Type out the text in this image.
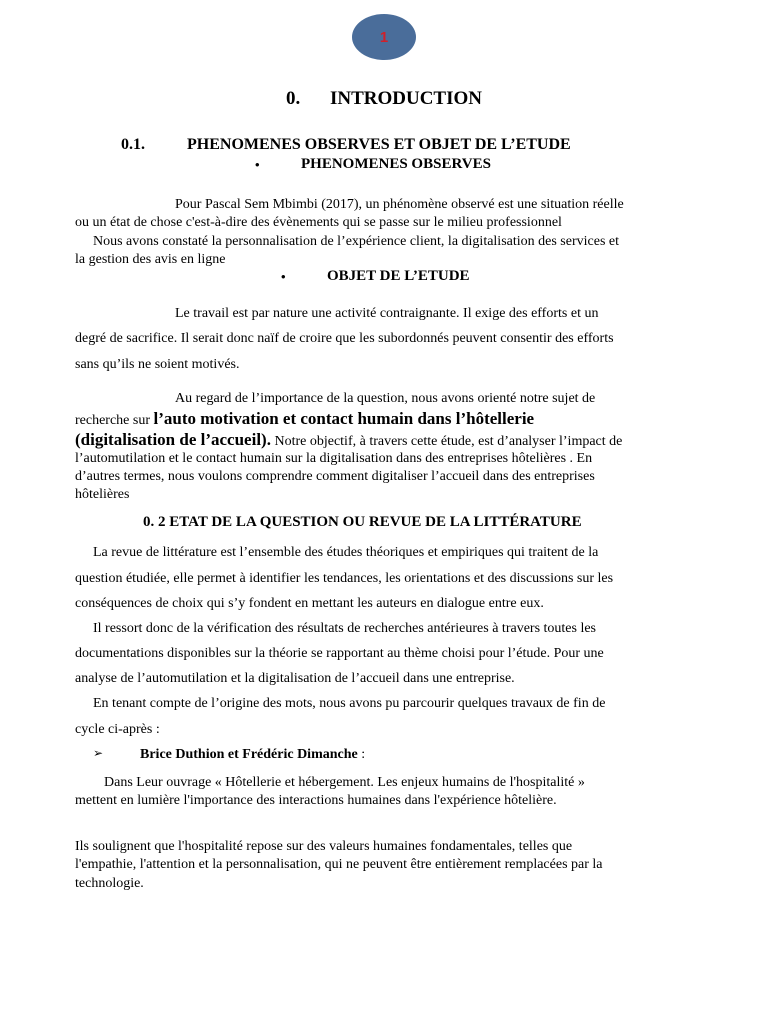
1
0. INTRODUCTION
0.1.	PHENOMENES OBSERVES ET OBJET DE L’ETUDE
•	PHENOMENES OBSERVES
Pour Pascal Sem Mbimbi (2017), un phénomène observé est une situation réelle
ou un état de chose c'est-à-dire des évènements qui se passe sur le milieu professionnel
Nous avons constaté la personnalisation de l’expérience client, la digitalisation des services et
la gestion des avis en ligne
•	OBJET DE L’ETUDE
Le travail est par nature une activité contraignante. Il exige des efforts et un
degré de sacrifice. Il serait donc naïf de croire que les subordonnés peuvent consentir des efforts
sans qu’ils ne soient motivés.
Au regard de l’importance de la question, nous avons orienté notre sujet de
recherche sur l’auto motivation et contact humain dans l’hôtellerie
(digitalisation de l’accueil). Notre objectif, à travers cette étude, est d’analyser l’impact de
l’automutilation et le contact humain sur la digitalisation dans des entreprises hôtelières . En
d’autres termes, nous voulons comprendre comment digitaliser l’accueil dans des entreprises
hôtelières
0. 2 ETAT DE LA QUESTION OU REVUE DE LA LITTÉRATURE
La revue de littérature est l’ensemble des études théoriques et empiriques qui traitent de la
question étudiée, elle permet à identifier les tendances, les orientations et des discussions sur les
conséquences de choix qui s’y fondent en mettant les auteurs en dialogue entre eux.
Il ressort donc de la vérification des résultats de recherches antérieures à travers toutes les
documentations disponibles sur la théorie se rapportant au thème choisi pour l’étude. Pour une
analyse de l’automutilation et la digitalisation de l’accueil dans une entreprise.
En tenant compte de l’origine des mots, nous avons pu parcourir quelques travaux de fin de
cycle ci-après :
➢	Brice Duthion et Frédéric Dimanche :
Dans Leur ouvrage « Hôtellerie et hébergement. Les enjeux humains de l'hospitalité »
mettent en lumière l'importance des interactions humaines dans l'expérience hôtelière.
Ils soulignent que l'hospitalité repose sur des valeurs humaines fondamentales, telles que
l'empathie, l'attention et la personnalisation, qui ne peuvent être entièrement remplacées par la
technologie.
